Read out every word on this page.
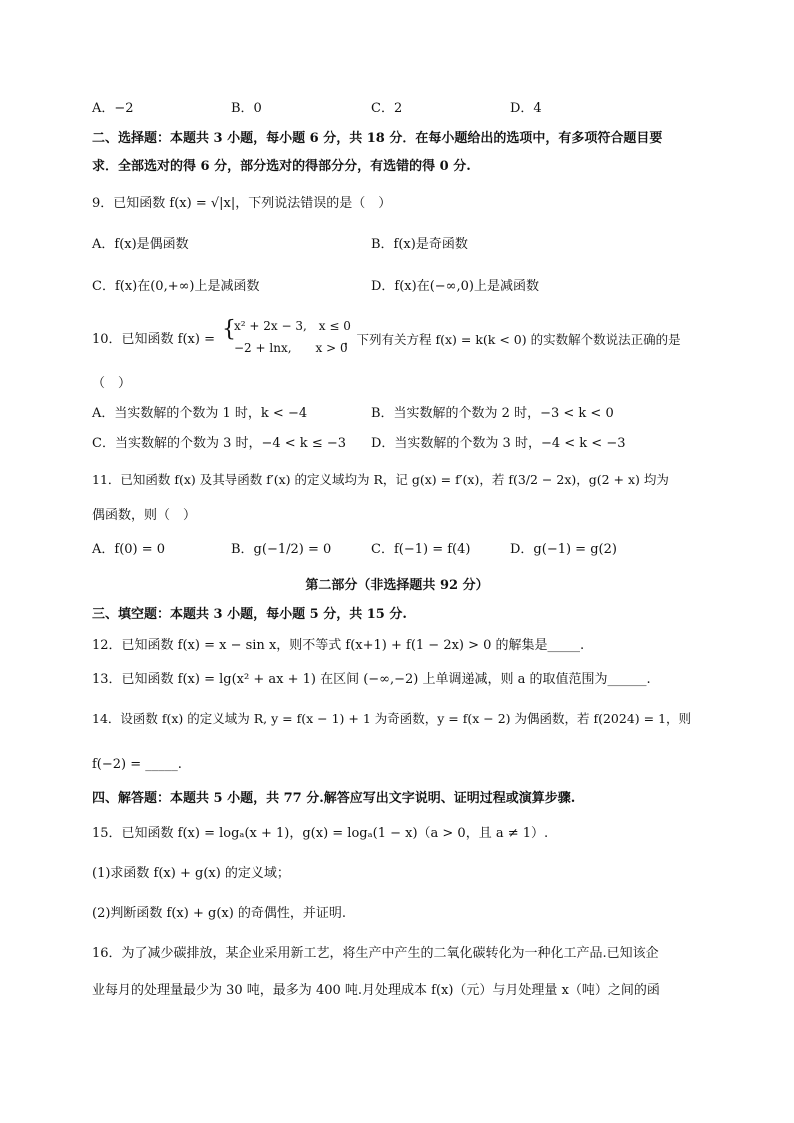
A．−2	B．0	C．2	D．4
二、选择题：本题共 3 小题，每小题 6 分，共 18 分．在每小题给出的选项中，有多项符合题目要
求．全部选对的得 6 分，部分选对的得部分分，有选错的得 0 分.
9．已知函数 f(x) = √|x|，下列说法错误的是（　）
A．f(x)是偶函数	B．f(x)是奇函数
C．f(x)在(0,+∞)上是减函数	D．f(x)在(−∞,0)上是减函数
10．已知函数 f(x) = {
x² + 2x − 3,　x ≤ 0
−2 + lnx,　　x > 0
，下列有关方程 f(x) = k(k < 0) 的实数解个数说法正确的是
（　）
A．当实数解的个数为 1 时，k < −4	B．当实数解的个数为 2 时，−3 < k < 0
C．当实数解的个数为 3 时，−4 < k ≤ −3 D．当实数解的个数为 3 时，−4 < k < −3
11．已知函数 f(x) 及其导函数 f′(x) 的定义域均为 R，记 g(x) = f′(x)，若 f(3/2 − 2x)，g(2 + x) 均为
偶函数，则（　）
A．f(0) = 0	B．g(−1/2) = 0	C．f(−1) = f(4)	D．g(−1) = g(2)
第二部分（非选择题共 92 分）
三、填空题：本题共 3 小题，每小题 5 分，共 15 分.
12．已知函数 f(x) = x − sin x，则不等式 f(x+1) + f(1 − 2x) > 0 的解集是_____.
13．已知函数 f(x) = lg(x² + ax + 1) 在区间 (−∞,−2) 上单调递减，则 a 的取值范围为______.
14．设函数 f(x) 的定义域为 R, y = f(x − 1) + 1 为奇函数，y = f(x − 2) 为偶函数，若 f(2024) = 1，则
f(−2) = _____.
四、解答题：本题共 5 小题，共 77 分.解答应写出文字说明、证明过程或演算步骤.
15．已知函数 f(x) = logₐ(x + 1)，g(x) = logₐ(1 − x)（a > 0，且 a ≠ 1）.
(1)求函数 f(x) + g(x) 的定义域；
(2)判断函数 f(x) + g(x) 的奇偶性，并证明.
16．为了减少碳排放，某企业采用新工艺，将生产中产生的二氧化碳转化为一种化工产品.已知该企
业每月的处理量最少为 30 吨，最多为 400 吨.月处理成本 f(x)（元）与月处理量 x（吨）之间的函
